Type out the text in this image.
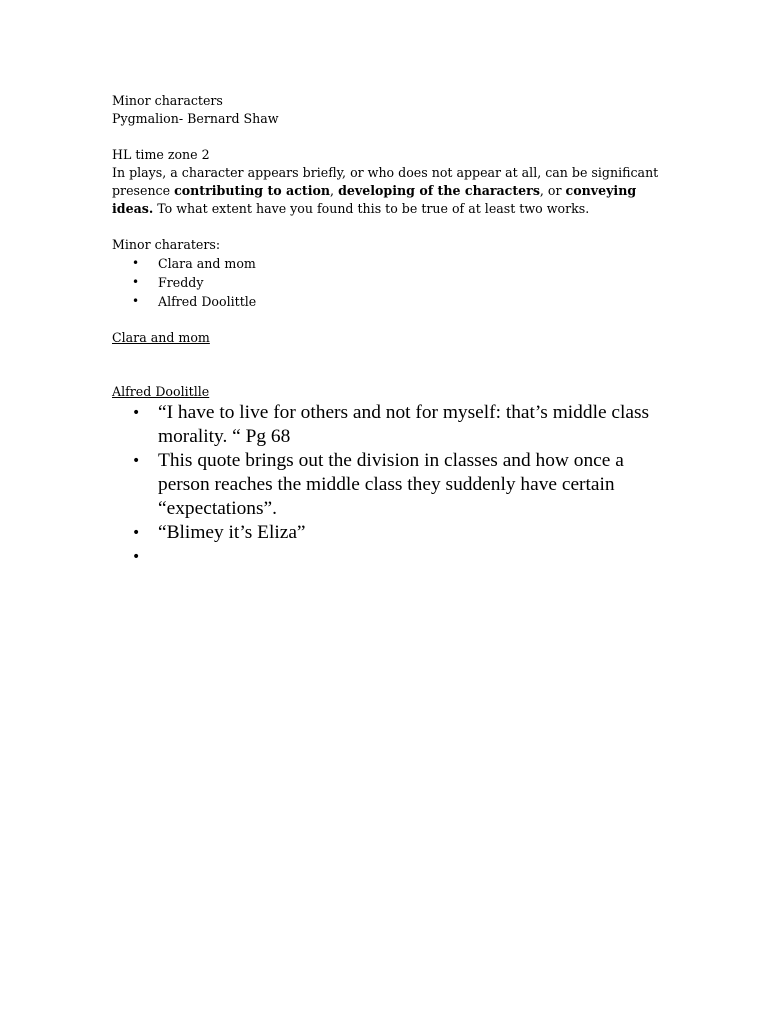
Minor characters
Pygmalion- Bernard Shaw
HL time zone 2
In plays, a character appears briefly, or who does not appear at all, can be significant presence contributing to action, developing of the characters, or conveying ideas. To what extent have you found this to be true of at least two works.
Minor charaters:
• Clara and mom
• Freddy
• Alfred Doolittle
Clara and mom
Alfred Doolitlle
• “I have to live for others and not for myself: that’s middle class morality. “ Pg 68
• This quote brings out the division in classes and how once a person reaches the middle class they suddenly have certain “expectations”.
• “Blimey it’s Eliza”
•
